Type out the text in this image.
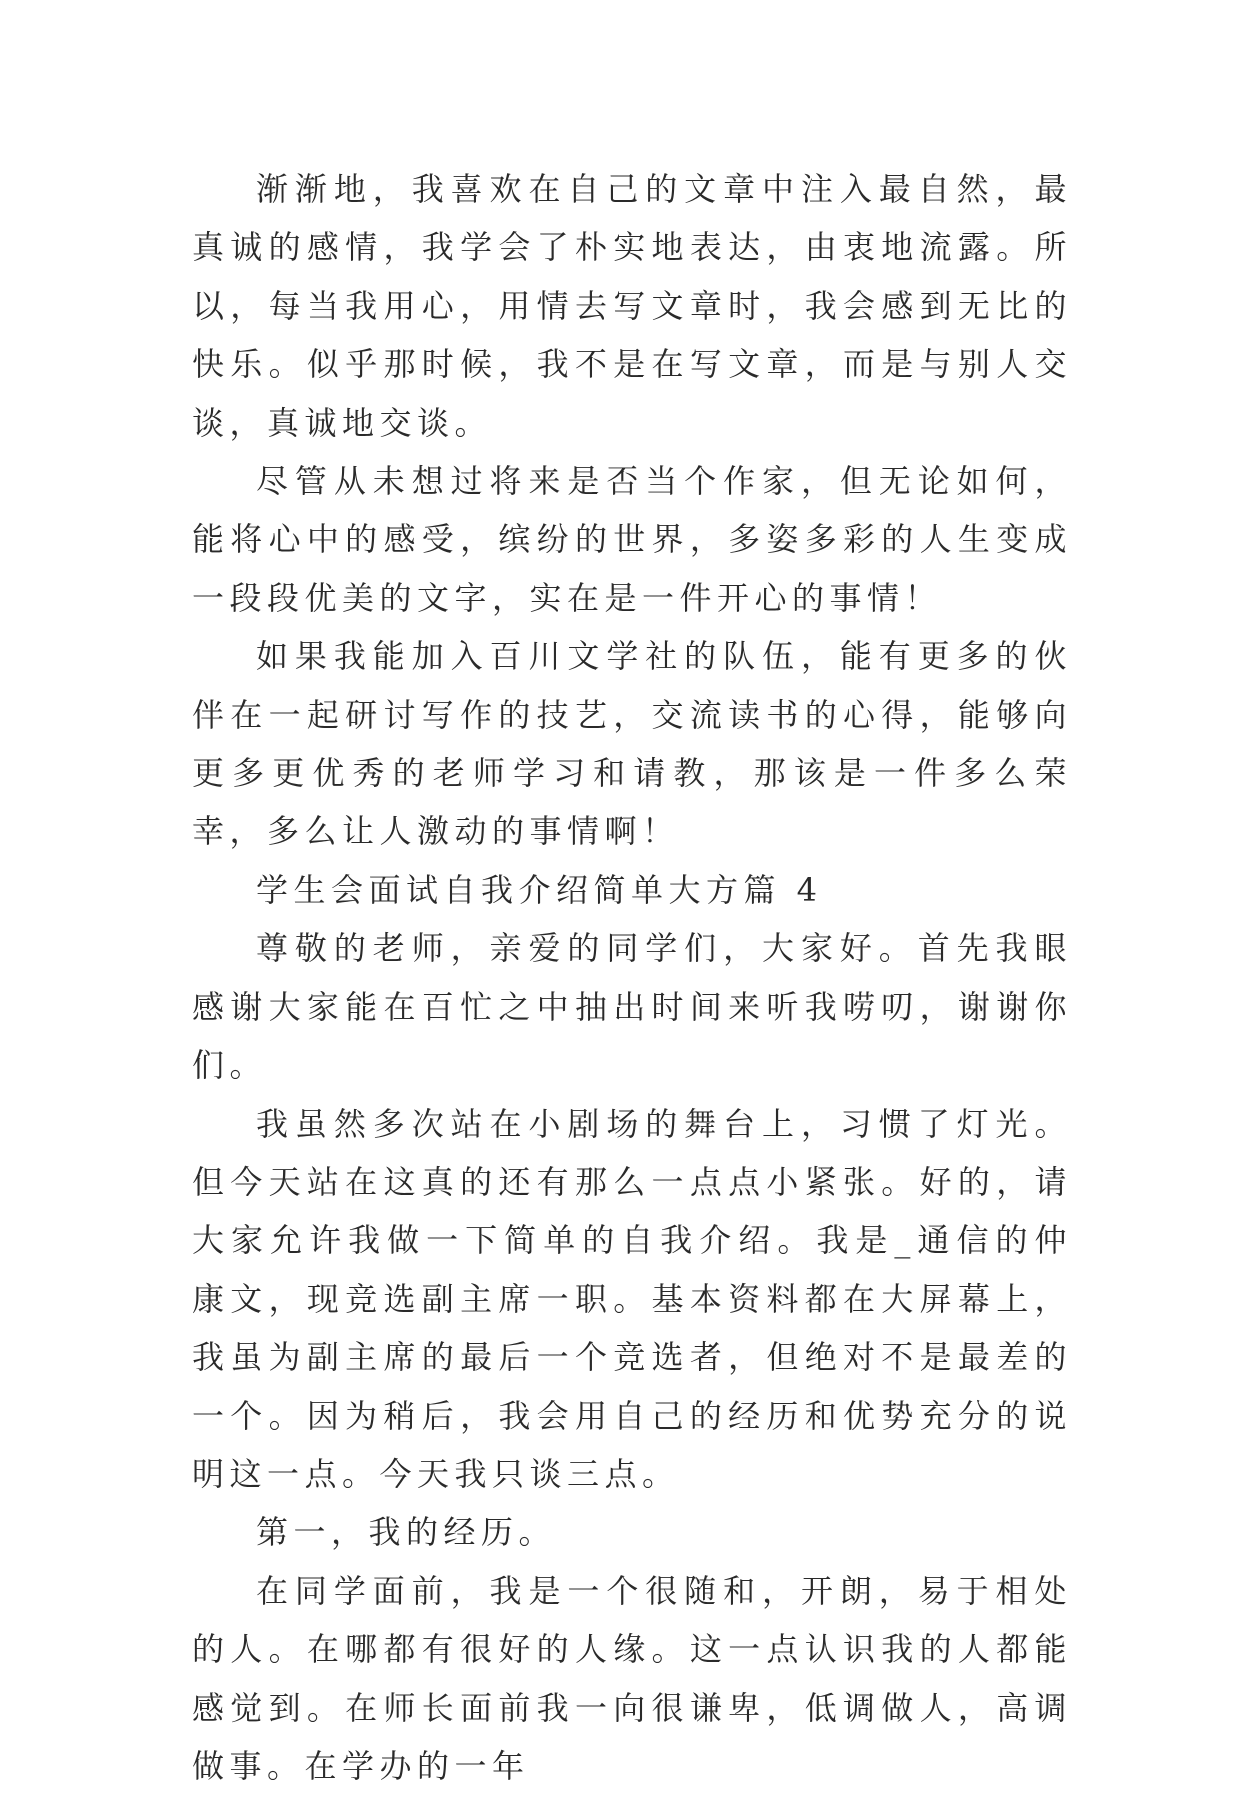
渐渐地，我喜欢在自己的文章中注入最自然，最真诚的感情，我学会了朴实地表达，由衷地流露。所以，每当我用心，用情去写文章时，我会感到无比的快乐。似乎那时候，我不是在写文章，而是与别人交谈，真诚地交谈。

尽管从未想过将来是否当个作家，但无论如何，能将心中的感受，缤纷的世界，多姿多彩的人生变成一段段优美的文字，实在是一件开心的事情！

如果我能加入百川文学社的队伍，能有更多的伙伴在一起研讨写作的技艺，交流读书的心得，能够向更多更优秀的老师学习和请教，那该是一件多么荣幸，多么让人激动的事情啊！

学生会面试自我介绍简单大方篇 4

尊敬的老师，亲爱的同学们，大家好。首先我眼感谢大家能在百忙之中抽出时间来听我唠叨，谢谢你们。

我虽然多次站在小剧场的舞台上，习惯了灯光。但今天站在这真的还有那么一点点小紧张。好的，请大家允许我做一下简单的自我介绍。我是_通信的仲康文，现竞选副主席一职。基本资料都在大屏幕上，我虽为副主席的最后一个竞选者，但绝对不是最差的一个。因为稍后，我会用自己的经历和优势充分的说明这一点。今天我只谈三点。

第一，我的经历。

在同学面前，我是一个很随和，开朗，易于相处的人。在哪都有很好的人缘。这一点认识我的人都能感觉到。在师长面前我一向很谦卑，低调做人，高调做事。在学办的一年
